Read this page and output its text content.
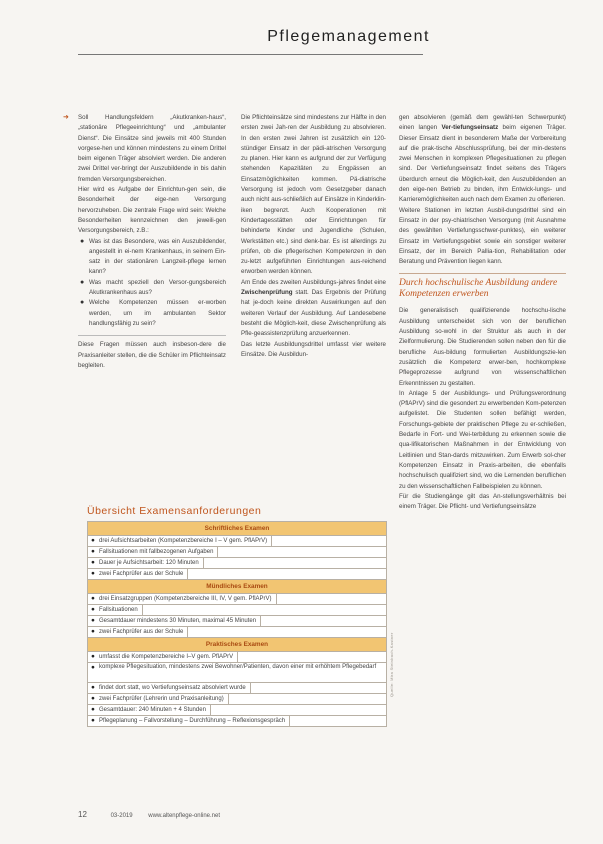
Pflegemanagement

➜ Soll Handlungsfeldern „Akutkranken-haus“, „stationäre Pflegeeinrichtung“ und „ambulanter Dienst“. Die Einsätze sind jeweils mit 400 Stunden vorgese-hen und können mindestens zu einem Drittel beim eigenen Träger absolviert werden. Die anderen zwei Drittel ver-bringt der Auszubildende in bis dahin fremden Versorgungsbereichen.

Hier wird es Aufgabe der Einrichtun-gen sein, die Besonderheit der eige-nen Versorgung hervorzuheben. Die zentrale Frage wird sein: Welche Besonderheiten kennzeichnen den jeweili-gen Versorgungsbereich, z.B.:

● Was ist das Besondere, was ein Auszubildender, angestellt in ei-nem Krankenhaus, in seinem Ein-satz in der stationären Langzeit-pflege lernen kann?
● Was macht speziell den Versor-gungsbereich Akutkrankenhaus aus?
● Welche Kompetenzen müssen er-worben werden, um im ambulanten Sektor handlungsfähig zu sein?

Diese Fragen müssen auch insbeson-dere die Praxisanleiter stellen, die die Schüler im Pflichteinsatz begleiten.

Die Pflichteinsätze sind mindestens zur Hälfte in den ersten zwei Jah-ren der Ausbildung zu absolvieren. In den ersten zwei Jahren ist zusätzlich ein 120-stündiger Einsatz in der pädi-atrischen Versorgung zu planen. Hier kann es aufgrund der zur Verfügung stehenden Kapazitäten zu Engpässen an Einsatzmöglichkeiten kommen. Pä-diatrische Versorgung ist jedoch vom Gesetzgeber danach auch nicht aus-schließlich auf Einsätze in Kinderklin-iken begrenzt. Auch Kooperationen mit Kindertagesstätten oder Einrichtungen für behinderte Kinder und Jugendliche (Schulen, Werkstätten etc.) sind denk-bar. Es ist allerdings zu prüfen, ob die pflegerischen Kompetenzen in den zu-letzt aufgeführten Einrichtungen aus-reichend erworben werden können.

Am Ende des zweiten Ausbildungs-jahres findet eine Zwischenprüfung statt. Das Ergebnis der Prüfung hat je-doch keine direkten Auswirkungen auf den weiteren Verlauf der Ausbildung. Auf Landesebene besteht die Möglich-keit, diese Zwischenprüfung als Pfle-geassistenzprüfung anzuerkennen.

Das letzte Ausbildungsdrittel umfasst vier weitere Einsätze. Die Ausbildun-

gen absolvieren (gemäß dem gewähl-ten Schwerpunkt) einen langen Ver-tiefungseinsatz beim eigenen Träger. Dieser Einsatz dient in besonderem Maße der Vorbereitung auf die prak-tische Abschlussprüfung, bei der min-destens zwei Menschen in komplexen Pflegesituationen zu pflegen sind. Der Vertiefungseinsatz findet seitens des Trägers überdurch erneut die Möglich-keit, den Auszubildenden an den eige-nen Betrieb zu binden, ihm Entwick-lungs- und Karrieremöglichkeiten auch nach dem Examen zu offerieren.

Weitere Stationen im letzten Ausbil-dungsdrittel sind ein Einsatz in der psy-chiatrischen Versorgung (mit Ausnahme des gewählten Vertiefungsschwer-punktes), ein weiterer Einsatz im Vertiefungsgebiet sowie ein sonstiger weiterer Einsatz, der im Bereich Pallia-tion, Rehabilitation oder Beratung und Prävention liegen kann.

Durch hochschulische Ausbildung andere Kompetenzen erwerben

Die generalistisch qualifizierende hochschu-lische Ausbildung unterscheidet sich von der beruflichen Ausbildung so-wohl in der Struktur als auch in der Zielformulierung. Die Studierenden sollen neben den für die berufliche Aus-bildung formulierten Ausbildungszie-len zusätzlich die Kompetenz erwer-ben, hochkomplexe Pflegeprozesse aufgrund von wissenschaftlichen Erkenntnissen zu gestalten.

In Anlage 5 der Ausbildungs- und Prüfungsverordnung (PflAPrV) sind die gesondert zu erwerbenden Kom-petenzen aufgelistet. Die Studenten sollen befähigt werden, Forschungs-gebiete der praktischen Pflege zu er-schließen, Bedarfe in Fort- und Wei-terbildung zu erkennen sowie die qua-lifikatorischen Maßnahmen in der Entwicklung von Leitlinien und Stan-dards mitzuwirken. Zum Erwerb sol-cher Kompetenzen Einsatz in Praxis-arbeiten, die ebenfalls hochschulisch qualifiziert sind, wo die Lernenden beruflichen zu den wissenschaftlichen Fallbeispielen zu können.

Für die Studiengänge gilt das An-stellungsverhältnis bei einem Träger. Die Pflicht- und Vertiefungseinsätze

Übersicht Examensanforderungen
Schriftliches Examen
● drei Aufsichtsarbeiten (Kompetenzbereiche I – V gem. PflAPrV)
● Fallsituationen mit fallbezogenen Aufgaben
● Dauer je Aufsichtsarbeit: 120 Minuten
● zwei Fachprüfer aus der Schule
Mündliches Examen
● drei Einsatzgruppen (Kompetenzbereiche III, IV, V gem. PflAPrV)
● Fallsituationen
● Gesamtdauer mindestens 30 Minuten, maximal 45 Minuten
● zwei Fachprüfer aus der Schule
Praktisches Examen
● umfasst die Kompetenzbereiche I–V gem. PflAPrV
● komplexe Pflegesituation, mindestens zwei Bewohner/Patienten, davon einer mit erhöhtem Pflegebedarf
● findet dort statt, wo Vertiefungseinsatz absolviert wurde
● zwei Fachprüfer (Lehrerin und Praxisanleitung)
● Gesamtdauer: 240 Minuten + 4 Stunden
● Pflegeplanung – Fallvorstellung – Durchführung – Reflexionsgespräch
Quelle: Mira Steinbach-Kastner
12	03-2019	www.altenpflege-online.net
